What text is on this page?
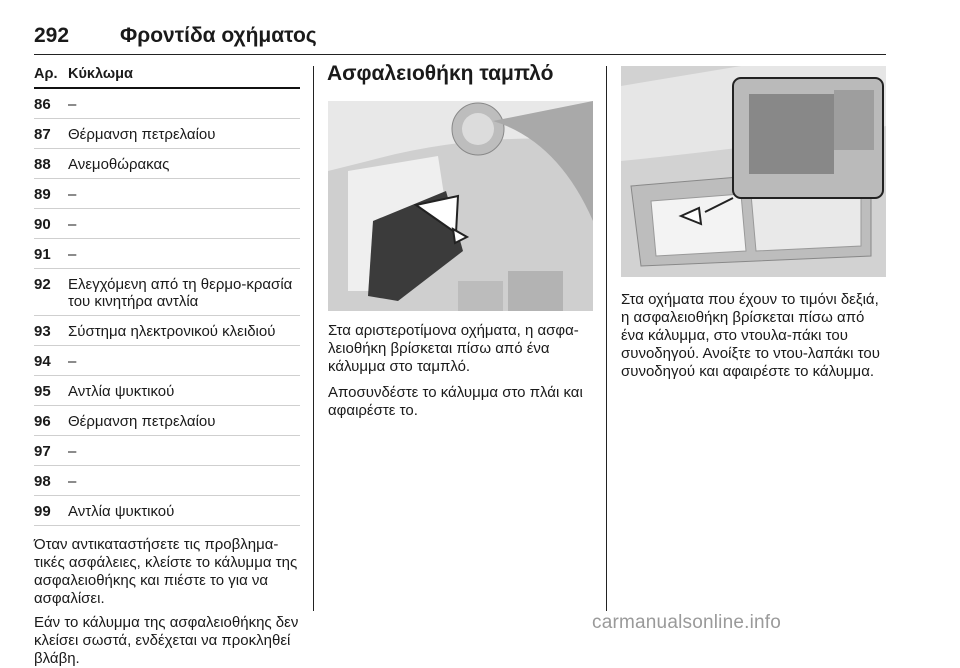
292 Φροντίδα οχήματος
Αρ. Κύκλωμα
86	–
87	Θέρμανση πετρελαίου
88	Ανεμοθώρακας
89	–
90	–
91	–
92	Ελεγχόμενη από τη θερμο-κρασία του κινητήρα αντλία
93	Σύστημα ηλεκτρονικού κλειδιού
94	–
95	Αντλία ψυκτικού
96	Θέρμανση πετρελαίου
97	–
98	–
99	Αντλία ψυκτικού

Όταν αντικαταστήσετε τις προβλημα-τικές ασφάλειες, κλείστε το κάλυμμα της ασφαλειοθήκης και πιέστε το για να ασφαλίσει.

Εάν το κάλυμμα της ασφαλειοθήκης δεν κλείσει σωστά, ενδέχεται να προκληθεί βλάβη.

Ασφαλειοθήκη ταμπλό

Στα αριστεροτίμονα οχήματα, η ασφα-λειοθήκη βρίσκεται πίσω από ένα κάλυμμα στο ταμπλό.

Αποσυνδέστε το κάλυμμα στο πλάι και αφαιρέστε το.

Στα οχήματα που έχουν το τιμόνι δεξιά, η ασφαλειοθήκη βρίσκεται πίσω από ένα κάλυμμα, στο ντουλα-πάκι του συνοδηγού. Ανοίξτε το ντου-λαπάκι του συνοδηγού και αφαιρέστε το κάλυμμα.

carmanualsonline.info
